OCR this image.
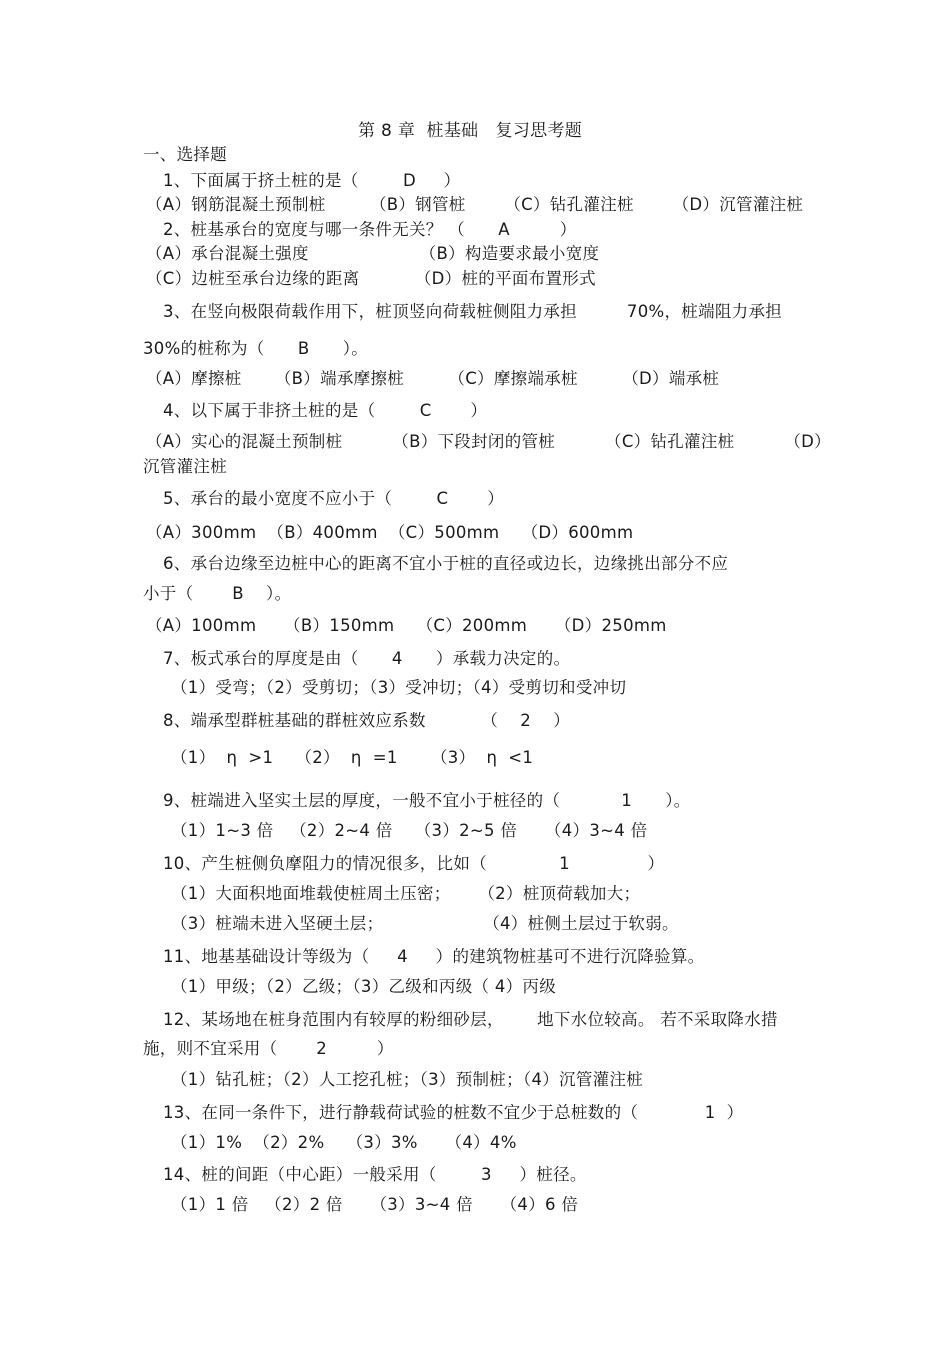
第 8 章  桩基础   复习思考题
一、选择题
1、下面属于挤土桩的是（        D     ）
（A）钢筋混凝土预制桩        （B）钢管桩       （C）钻孔灌注桩       （D）沉管灌注桩
2、桩基承台的宽度与哪一条件无关？ （      A         ）
（A）承台混凝土强度                    （B）构造要求最小宽度
（C）边桩至承台边缘的距离          （D）桩的平面布置形式
3、在竖向极限荷载作用下，桩顶竖向荷载桩侧阻力承担         70%，桩端阻力承担
30%的桩称为（      B      ）。
（A）摩擦桩      （B）端承摩擦桩        （C）摩擦端承桩        （D）端承桩
4、以下属于非挤土桩的是（        C       ）
（A）实心的混凝土预制桩         （B）下段封闭的管桩         （C）钻孔灌注桩         （D）
沉管灌注桩
5、承台的最小宽度不应小于（        C       ）
（A）300mm  （B）400mm  （C）500mm    （D）600mm
6、承台边缘至边桩中心的距离不宜小于桩的直径或边长，边缘挑出部分不应
小于（       B    ）。
（A）100mm     （B）150mm    （C）200mm     （D）250mm
7、板式承台的厚度是由（      4      ）承载力决定的。
（1）受弯；（2）受剪切；（3）受冲切；（4）受剪切和受冲切
8、端承型群桩基础的群桩效应系数          （    2    ）
（1）  η  >1    （2）  η  =1      （3）  η  <1
9、桩端进入坚实土层的厚度，一般不宜小于桩径的（           1      ）。
（1）1~3 倍   （2）2~4 倍    （3）2~5 倍     （4）3~4 倍
10、产生桩侧负摩阻力的情况很多，比如（             1              ）
（1）大面积地面堆载使桩周土压密；     （2）桩顶荷载加大；
（3）桩端未进入坚硬土层；                  （4）桩侧土层过于软弱。
11、地基基础设计等级为（     4     ）的建筑物桩基可不进行沉降验算。
（1）甲级；（2）乙级；（3）乙级和丙级（ 4）丙级
12、某场地在桩身范围内有较厚的粉细砂层，      地下水位较高。 若不采取降水措
施，则不宜采用（       2         ）
（1）钻孔桩；（2）人工挖孔桩；（3）预制桩；（4）沉管灌注桩
13、在同一条件下，进行静载荷试验的桩数不宜少于总桩数的（            1  ）
（1）1%  （2）2%    （3）3%     （4）4%
14、桩的间距（中心距）一般采用（        3     ）桩径。
（1）1 倍   （2）2 倍     （3）3~4 倍     （4）6 倍
